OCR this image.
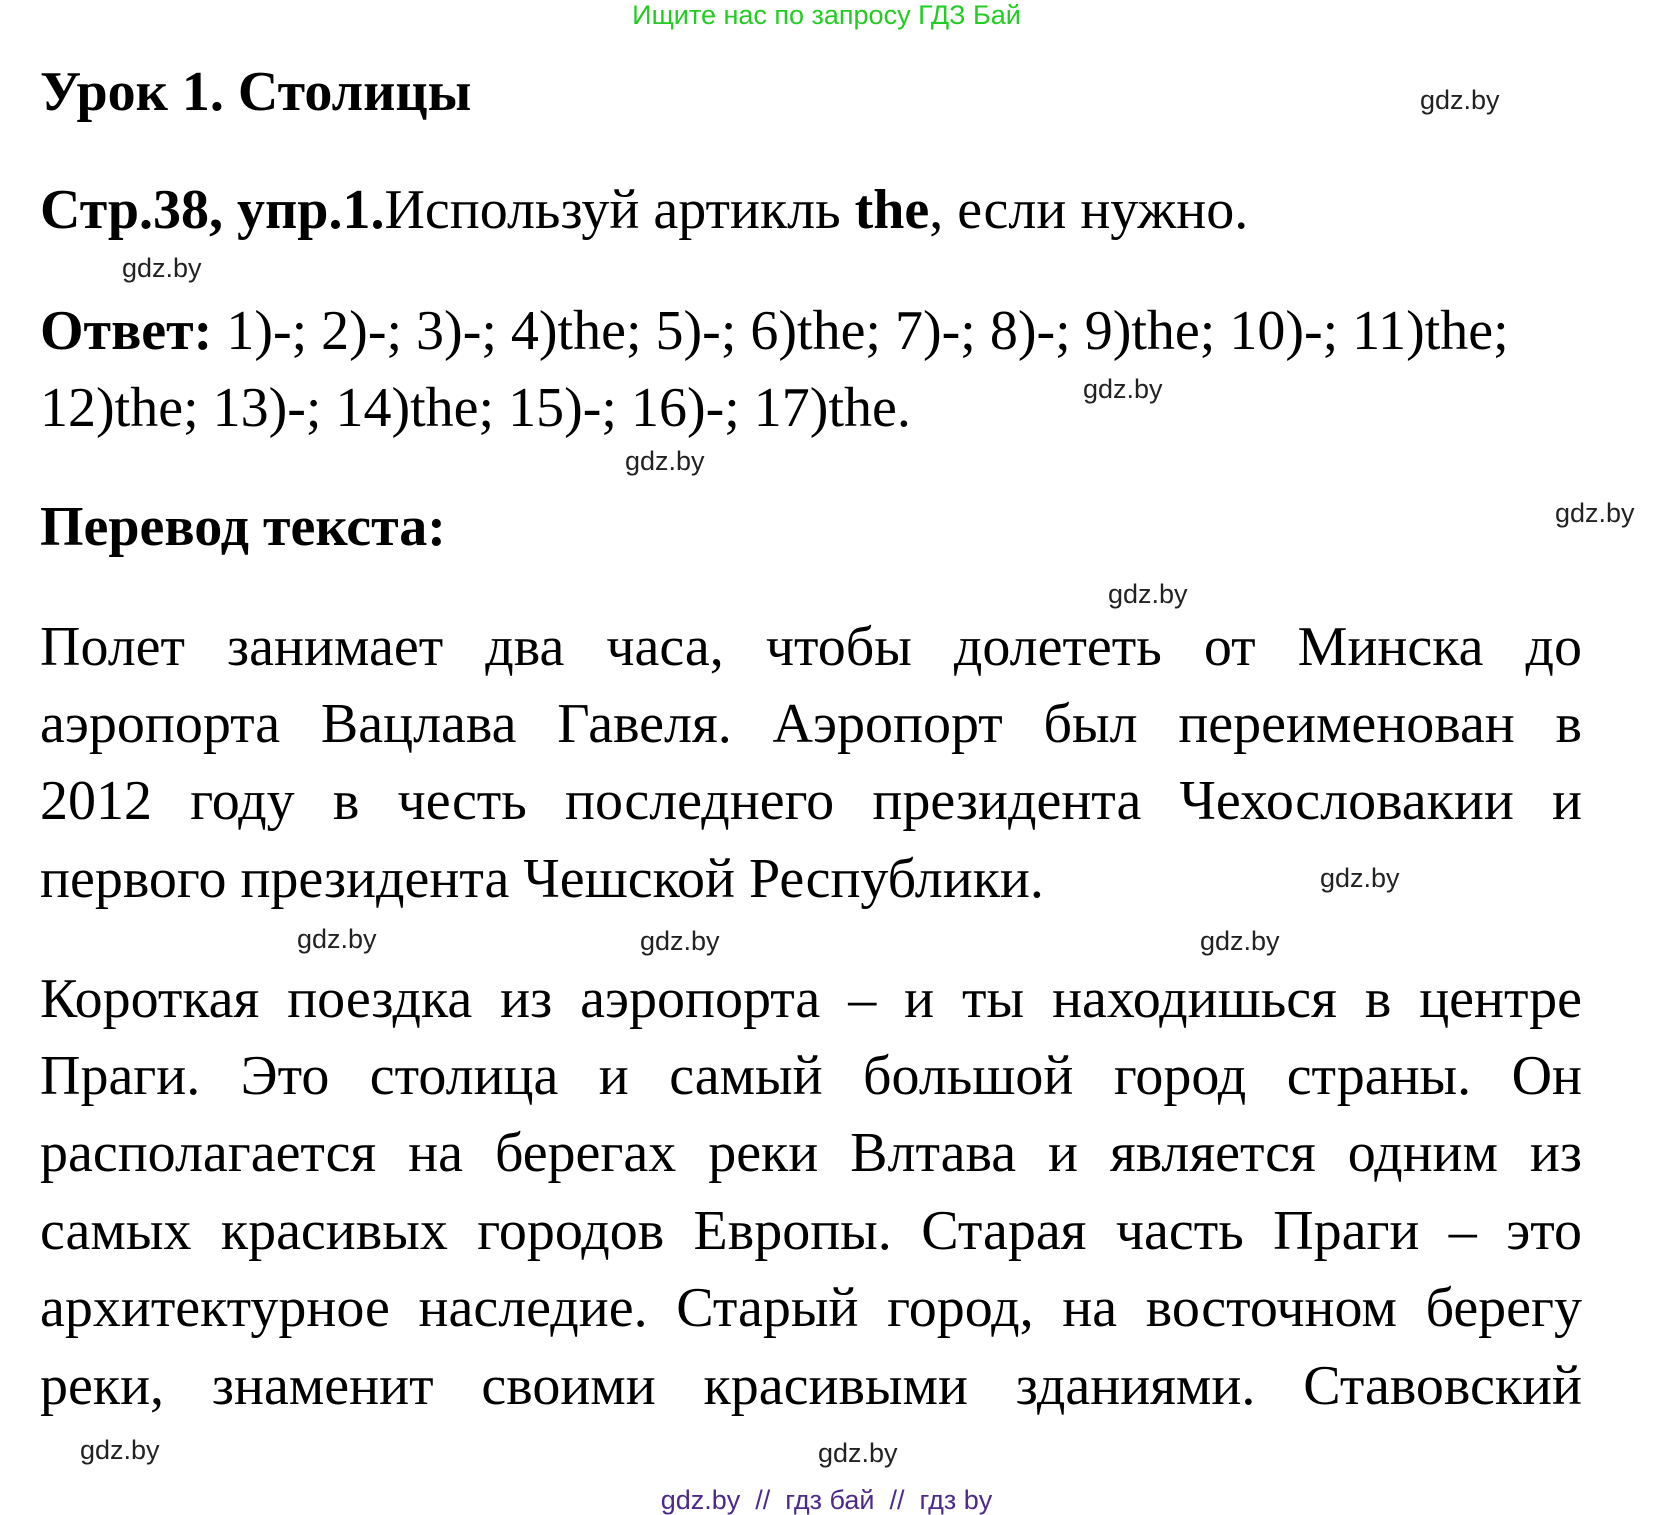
Ищите нас по запросу ГДЗ Бай
Урок 1. Столицы
Стр.38, упр.1.Используй артикль the, если нужно.
Ответ: 1)-; 2)-; 3)-; 4)the; 5)-; 6)the; 7)-; 8)-; 9)the; 10)-; 11)the;
12)the; 13)-; 14)the; 15)-; 16)-; 17)the.
Перевод текста:
Полет занимает два часа, чтобы долететь от Минска до
аэропорта Вацлава Гавеля. Аэропорт был переименован в
2012 году в честь последнего президента Чехословакии и
первого президента Чешской Республики.
Короткая поездка из аэропорта – и ты находишься в центре
Праги. Это столица и самый большой город страны. Он
располагается на берегах реки Влтава и является одним из
самых красивых городов Европы. Старая часть Праги – это
архитектурное наследие. Старый город, на восточном берегу
реки, знаменит своими красивыми зданиями. Ставовский
gdz.by
gdz.by
gdz.by
gdz.by
gdz.by
gdz.by
gdz.by
gdz.by	gdz.by
gdz.by
gdz.by
gdz.by
gdz.by  //  гдз бай  //  гдз by
